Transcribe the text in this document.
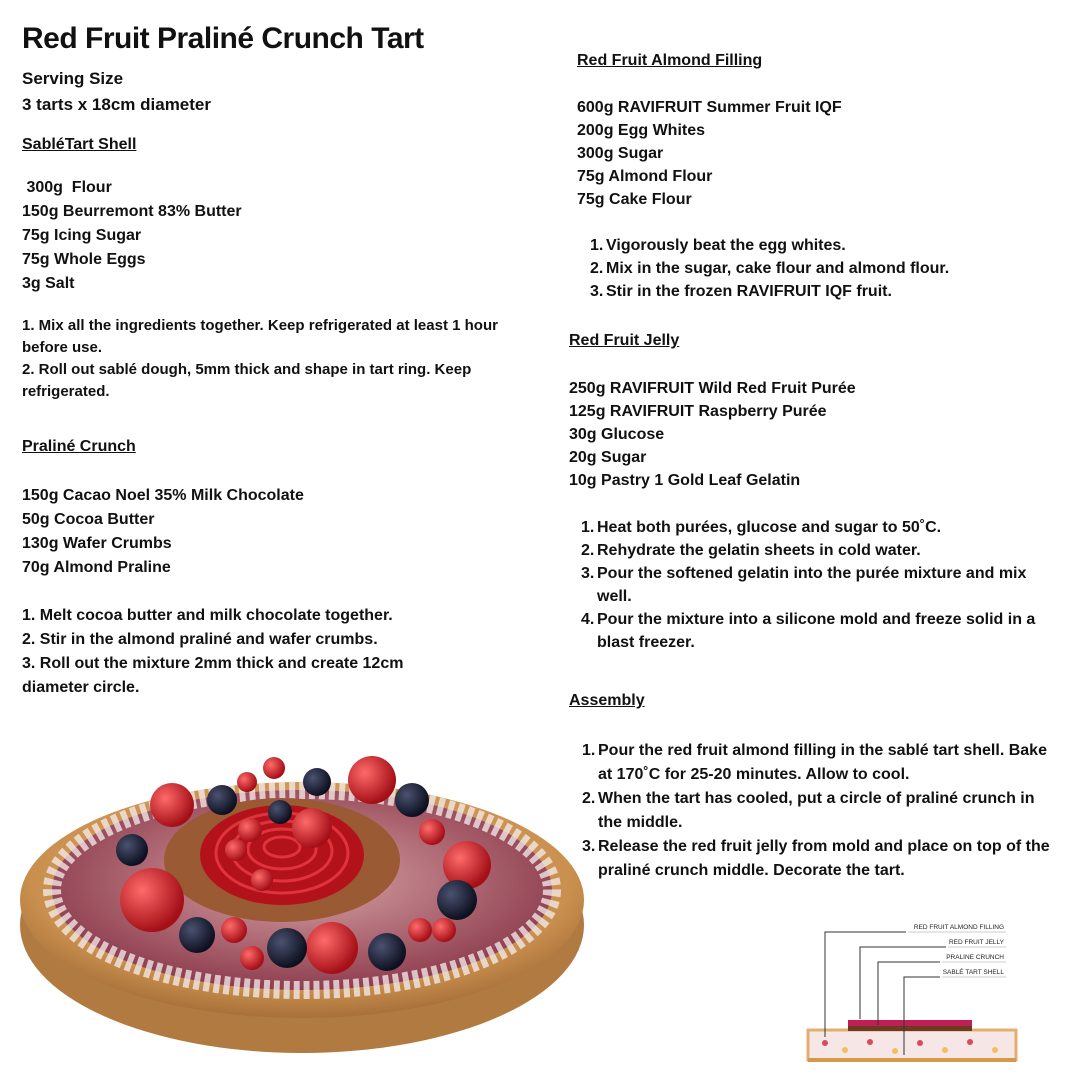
Red Fruit Praliné Crunch Tart
Serving Size
3 tarts x 18cm diameter
SabléTart Shell
300g  Flour
150g Beurremont 83% Butter
75g Icing Sugar
75g Whole Eggs
3g Salt
1. Mix all the ingredients together. Keep refrigerated at least 1 hour
before use.
2. Roll out sablé dough, 5mm thick and shape in tart ring. Keep
refrigerated.
Praliné Crunch
150g Cacao Noel 35% Milk Chocolate
50g Cocoa Butter
130g Wafer Crumbs
70g Almond Praline
1. Melt cocoa butter and milk chocolate together.
2. Stir in the almond praliné and wafer crumbs.
3. Roll out the mixture 2mm thick and create 12cm
diameter circle.
Red Fruit Almond Filling
600g RAVIFRUIT Summer Fruit IQF
200g Egg Whites
300g Sugar
75g Almond Flour
75g Cake Flour
1. Vigorously beat the egg whites.
2. Mix in the sugar, cake flour and almond flour.
3. Stir in the frozen RAVIFRUIT IQF fruit.
Red Fruit Jelly
250g RAVIFRUIT Wild Red Fruit Purée
125g RAVIFRUIT Raspberry Purée
30g Glucose
20g Sugar
10g Pastry 1 Gold Leaf Gelatin
1. Heat both purées, glucose and sugar to 50˚C.
2. Rehydrate the gelatin sheets in cold water.
3. Pour the softened gelatin into the purée mixture and mix well.
4. Pour the mixture into a silicone mold and freeze solid in a blast freezer.
Assembly
1. Pour the red fruit almond filling in the sablé tart shell. Bake at 170˚C for 25-20 minutes. Allow to cool.
2. When the tart has cooled, put a circle of praliné crunch in the middle.
3. Release the red fruit jelly from mold and place on top of the praliné crunch middle. Decorate the tart.
RED FRUIT ALMOND FILLING
RED FRUIT JELLY
PRALINE CRUNCH
SABLÉ TART SHELL
